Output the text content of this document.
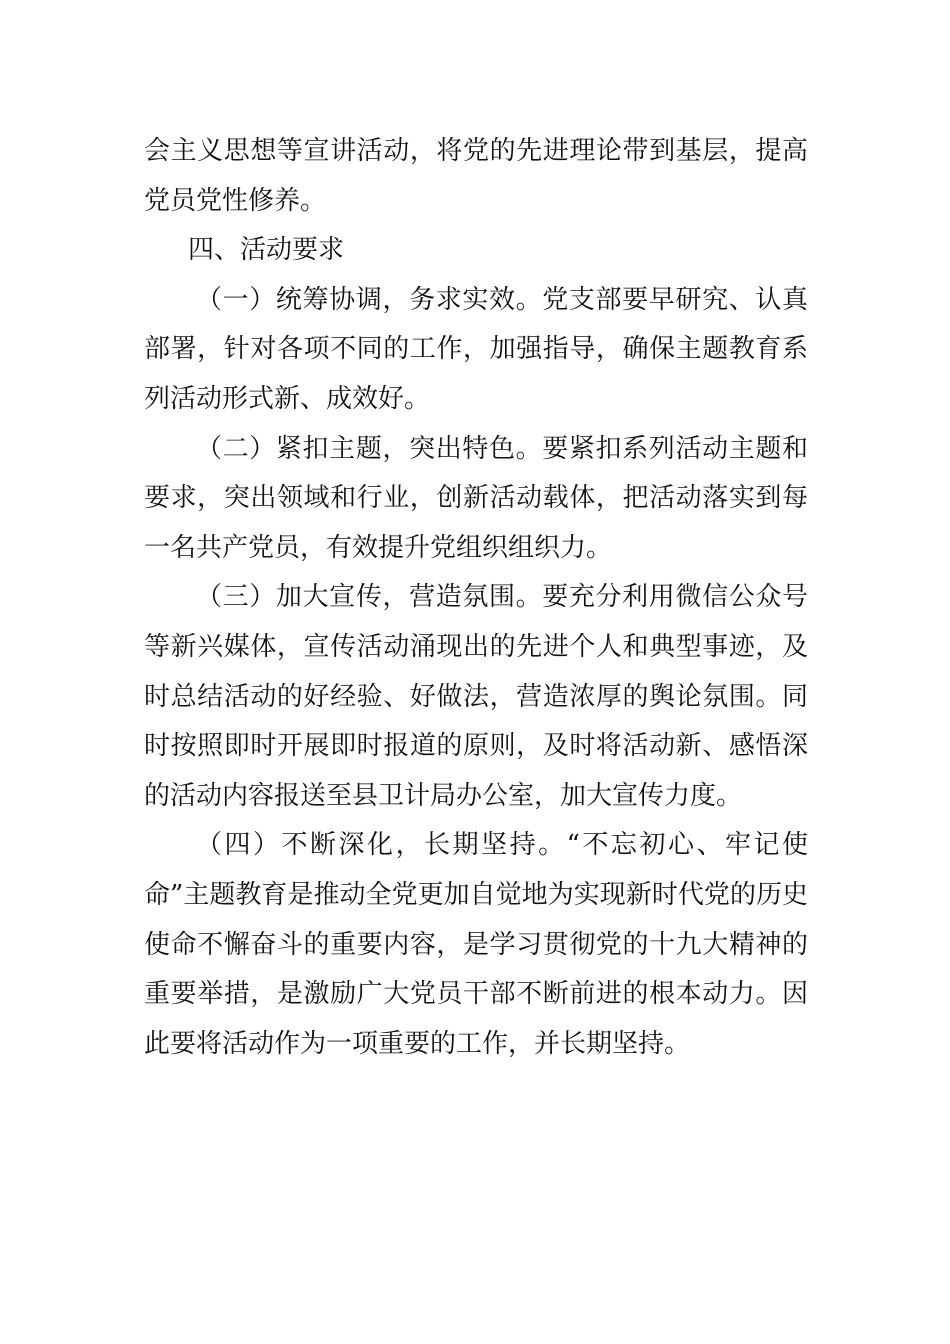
会主义思想等宣讲活动，将党的先进理论带到基层，提高党员党性修养。

四、活动要求

（一）统筹协调，务求实效。党支部要早研究、认真部署，针对各项不同的工作，加强指导，确保主题教育系列活动形式新、成效好。

（二）紧扣主题，突出特色。要紧扣系列活动主题和要求，突出领域和行业，创新活动载体，把活动落实到每一名共产党员，有效提升党组织组织力。

（三）加大宣传，营造氛围。要充分利用微信公众号等新兴媒体，宣传活动涌现出的先进个人和典型事迹，及时总结活动的好经验、好做法，营造浓厚的舆论氛围。同时按照即时开展即时报道的原则，及时将活动新、感悟深的活动内容报送至县卫计局办公室，加大宣传力度。

（四）不断深化，长期坚持。“不忘初心、牢记使命”主题教育是推动全党更加自觉地为实现新时代党的历史使命不懈奋斗的重要内容，是学习贯彻党的十九大精神的重要举措，是激励广大党员干部不断前进的根本动力。因此要将活动作为一项重要的工作，并长期坚持。
